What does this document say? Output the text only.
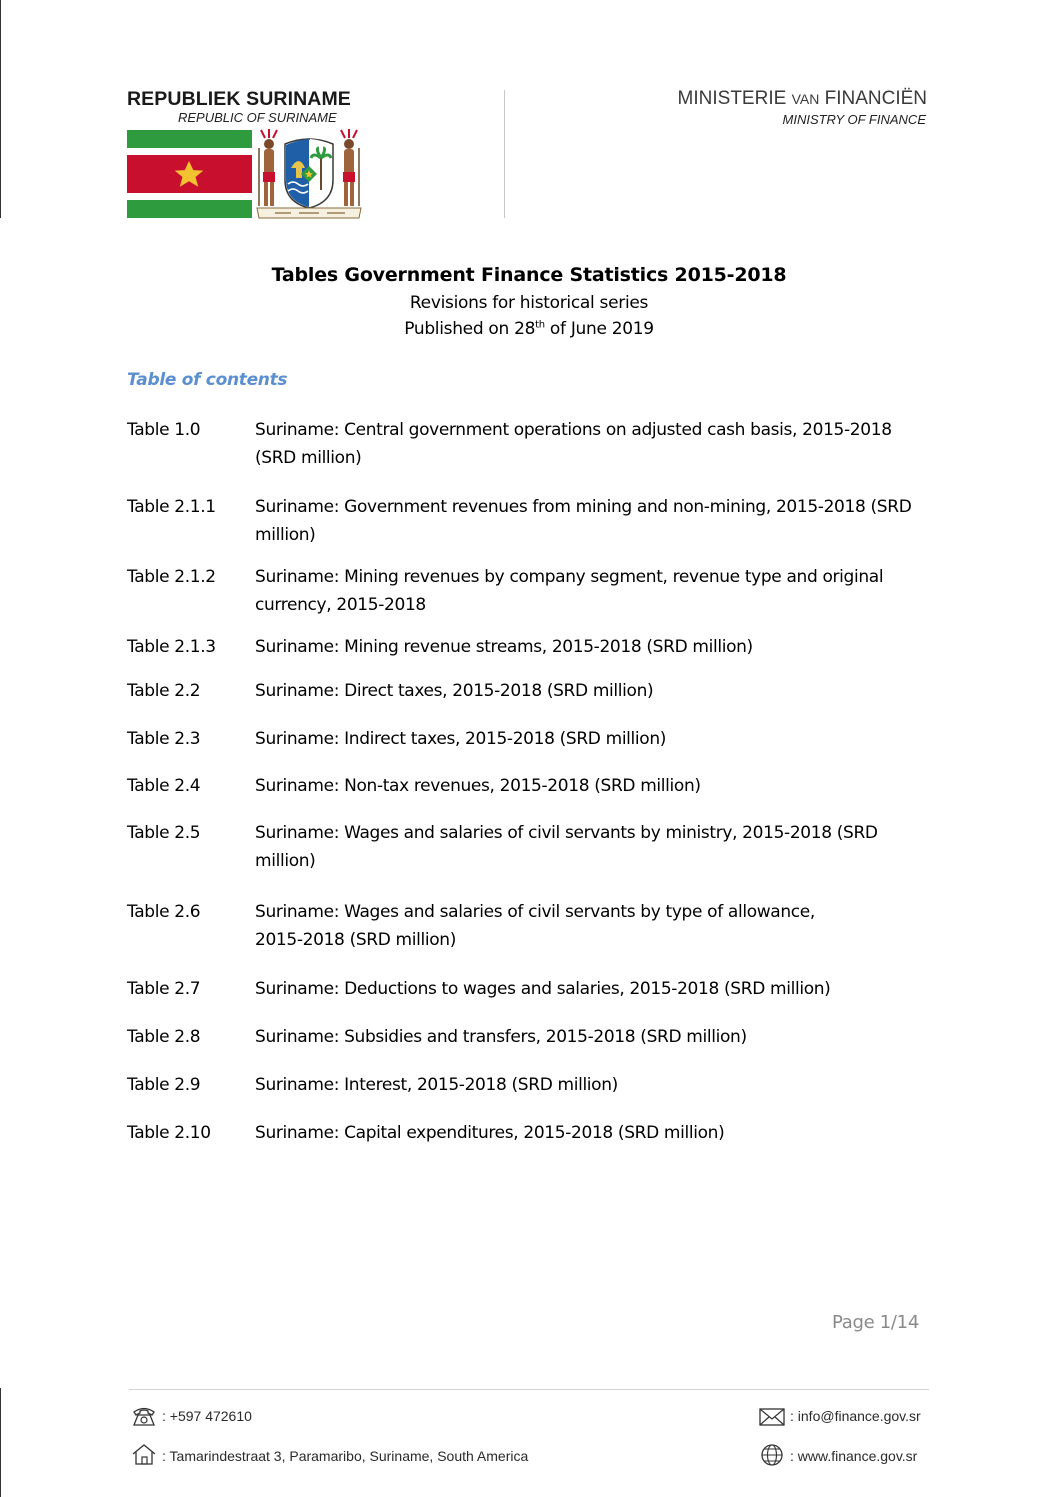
REPUBLIEK SURINAME
REPUBLIC OF SURINAME
MINISTERIE VAN FINANCIËN
MINISTRY OF FINANCE
Tables Government Finance Statistics 2015-2018
Revisions for historical series
Published on 28th of June 2019
Table of contents
Table 1.0	Suriname: Central government operations on adjusted cash basis, 2015-2018 (SRD million)
Table 2.1.1 Suriname: Government revenues from mining and non-mining, 2015-2018 (SRD million)
Table 2.1.2 Suriname: Mining revenues by company segment, revenue type and original currency, 2015-2018
Table 2.1.3 Suriname: Mining revenue streams, 2015-2018 (SRD million)
Table 2.2	Suriname: Direct taxes, 2015-2018 (SRD million)
Table 2.3	Suriname: Indirect taxes, 2015-2018 (SRD million)
Table 2.4	Suriname: Non-tax revenues, 2015-2018 (SRD million)
Table 2.5	Suriname: Wages and salaries of civil servants by ministry, 2015-2018 (SRD million)
Table 2.6	Suriname: Wages and salaries of civil servants by type of allowance, 2015-2018 (SRD million)
Table 2.7	Suriname: Deductions to wages and salaries, 2015-2018 (SRD million)
Table 2.8	Suriname: Subsidies and transfers, 2015-2018 (SRD million)
Table 2.9	Suriname: Interest, 2015-2018 (SRD million)
Table 2.10	Suriname: Capital expenditures, 2015-2018 (SRD million)
Page 1/14
: +597 472610
: Tamarindestraat 3, Paramaribo, Suriname, South America
: info@finance.gov.sr
: www.finance.gov.sr
